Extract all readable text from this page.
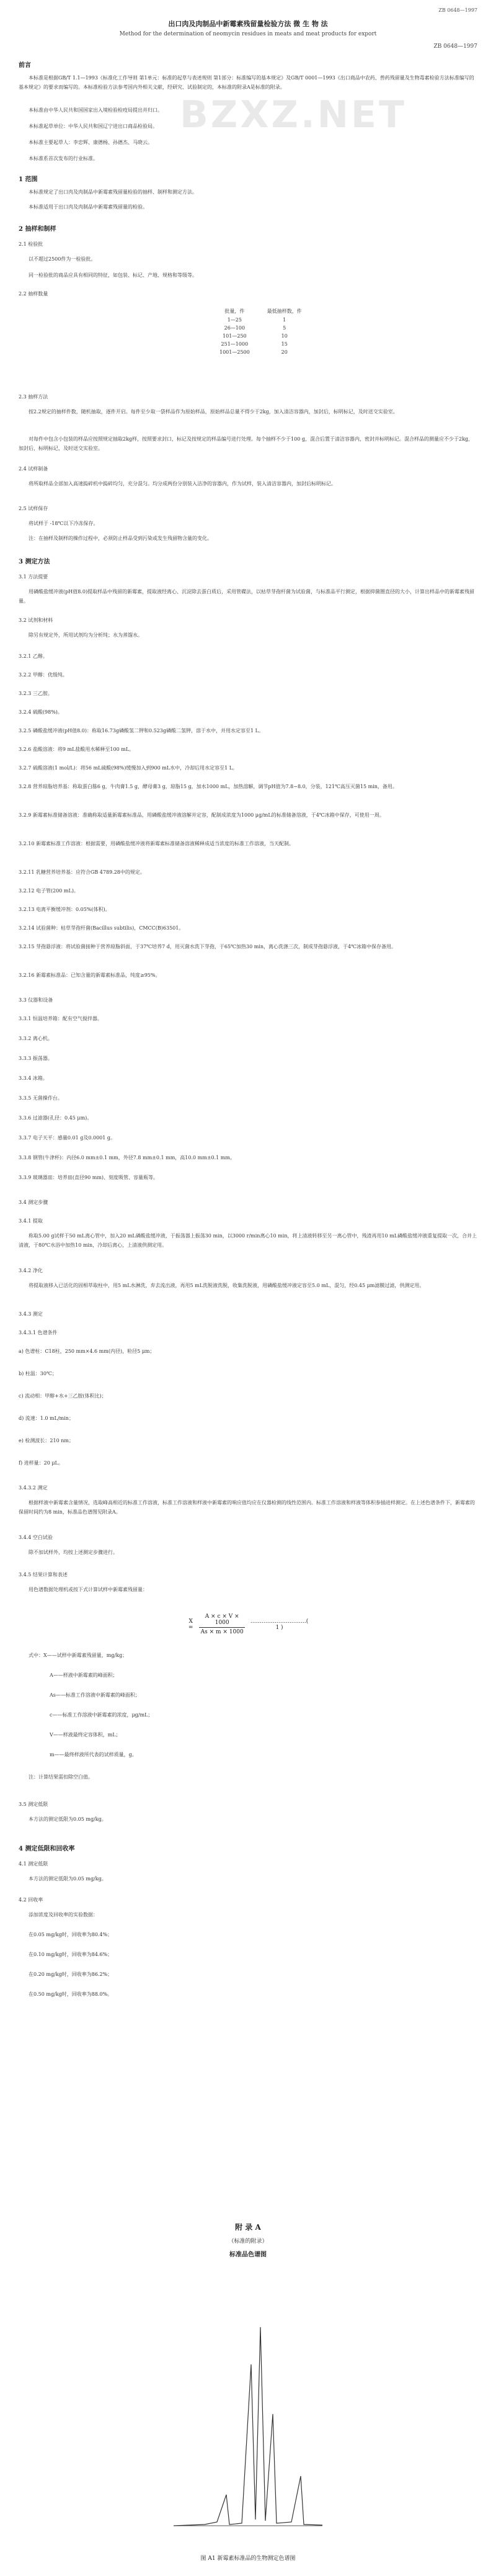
ZB 0648—1997
BZXZ.NET
出口肉及肉制品中新霉素残留量检验方法 微 生 物 法
Method for the determination of neomycin residues in meats and meat products for export
ZB 0648—1997
前言
本标准是根据GB/T 1.1—1993《标准化工作导则 第1单元：标准的起草与表述规则 第1部分：标准编写的基本规定》及GB/T 0001—1993《出口商品中农药、兽药残留量及生物毒素检验方法标准编写的基本规定》的要求而编写的。本标准检验方法参考国内外相关文献，经研究、试验制定的，本标准的附录A是标准的附录。
本标准由中华人民共和国国家出入境检验检疫局提出并归口。
本标准起草单位：中华人民共和国辽宁进出口商品检验局。
本标准主要起草人：李忠辉、康德杨、孙德杰、马晓云。
本标准系首次发布的行业标准。
1 范围
本标准规定了出口肉及肉制品中新霉素残留量检验的抽样、制样和测定方法。
本标准适用于出口肉及肉制品中新霉素残留量的检验。
2 抽样和制样
2.1 检验批
以不超过2500件为一检验批。
同一检验批的商品应具有相同的特征，如包装、标记、产地、规格和等级等。
2.2 抽样数量
批量，件	最低抽样数，件
1—25	1
26—100	5
101—250	10
251—1000	15
1001—2500	20
2.3 抽样方法
按2.2规定的抽样件数，随机抽取，逐件开启。每件至少取一袋样品作为原始样品，原始样品总量不得少于2kg，加入清洁容器内，加封后，标明标记，及时送交实验室。
对每件中包含小包装的样品应按照规定抽取2kg样，按照要求封口，标记及按规定的样品编号进行处理。每个抽样不少于100 g，混合后置于清洁容器内，密封并标明标记。混合样品的测量应不少于2kg，加封后，标明标记，及时送交实验室。
2.4 试样制备
将所取样品全部加入高速捣碎机中捣碎均匀，充分混匀。均分成两份分别装入洁净的容器内，作为试样，装入清洁容器内，加封后标明标记。
2.5 试样保存
将试样于 -18℃以下冷冻保存。
注：在抽样及制样的操作过程中，必须防止样品受到污染或发生残留物含量的变化。
3 测定方法
3.1 方法提要
用磷酸盐缓冲液(pH值8.0)提取样品中残留的新霉素，提取液经离心、沉淀除去蛋白质后，采用管碟法，以枯草芽孢杆菌为试验菌，与标准品平行测定，根据抑菌圈直径的大小，计算出样品中的新霉素残留量。
3.2 试剂和材料
除另有规定外，所用试剂均为分析纯；水为蒸馏水。
3.2.1 乙醇。
3.2.2 甲醇：优级纯。
3.2.3 三乙胺。
3.2.4 硫酸(98%)。
3.2.5 磷酸盐缓冲液(pH值8.0)：称取16.73g磷酸氢二钾和0.523g磷酸二氢钾，溶于水中，并用水定容至1 L。
3.2.6 盐酸溶液：将9 mL盐酸用水稀释至100 mL。
3.2.7 硫酸溶液(1 mol/L)：将56 mL硫酸(98%)缓慢加入到900 mL水中，冷却后用水定容至1 L。
3.2.8 营养琼脂培养基：称取蛋白胨6 g，牛肉膏1.5 g，酵母膏3 g，琼脂15 g，加水1000 mL，加热溶解，调节pH值为7.8~8.0，分装，121℃高压灭菌15 min，备用。
3.2.9 新霉素标准储备溶液：准确称取适量新霉素标准品，用磷酸盐缓冲液溶解并定容，配制成浓度为1000 μg/mL的标准储备溶液，于4℃冰箱中保存，可使用一周。
3.2.10 新霉素标准工作溶液：根据需要，用磷酸盐缓冲液将新霉素标准储备溶液稀释成适当浓度的标准工作溶液，当天配制。
3.2.11 乳糖营养培养基：应符合GB 4789.28中的规定。
3.2.12 电子管(200 mL)。
3.2.13 电离平衡缓冲剂：0.05%(体积)。
3.2.14 试验菌种：枯草芽孢杆菌(Bacillus subtilis)，CMCC(B)63501。
3.2.15 芽孢悬浮液：将试验菌接种于营养琼脂斜面，于37℃培养7 d，用灭菌水洗下芽孢，于65℃加热30 min，离心洗涤三次，制成芽孢悬浮液，于4℃冰箱中保存备用。
3.2.16 新霉素标准品：已知含量的新霉素标准品，纯度≥95%。
3.3 仪器和设备
3.3.1 恒温培养箱：配有空气搅拌器。
3.3.2 离心机。
3.3.3 振荡器。
3.3.4 冰箱。
3.3.5 无菌操作台。
3.3.6 过滤器(孔径：0.45 μm)。
3.3.7 电子天平：感量0.01 g及0.0001 g。
3.3.8 钢管(牛津杯)：内径6.0 mm±0.1 mm，外径7.8 mm±0.1 mm，高10.0 mm±0.1 mm。
3.3.9 玻璃器皿：培养皿(直径90 mm)、刻度吸管、容量瓶等。
3.4 测定步骤
3.4.1 提取
称取5.00 g试样于50 mL离心管中，加入20 mL磷酸盐缓冲液，于振荡器上振荡30 min，以3000 r/min离心10 min，将上清液转移至另一离心管中，残渣再用10 mL磷酸盐缓冲液重复提取一次，合并上清液，于80℃水浴中加热10 min，冷却后离心，上清液供测定用。
3.4.2 净化
将提取液移入已活化的固相萃取柱中，用5 mL水淋洗，弃去流出液，再用5 mL洗脱液洗脱，收集洗脱液，用磷酸盐缓冲液定容至5.0 mL，混匀，经0.45 μm滤膜过滤，供测定用。
3.4.3 测定
3.4.3.1 色谱条件
a) 色谱柱：C18柱，250 mm×4.6 mm(内径)，粒径5 μm；
b) 柱温：30℃；
c) 流动相：甲醇+水+三乙胺(体积比)；
d) 流速：1.0 mL/min；
e) 检测波长：210 nm；
f) 进样量：20 μL。
3.4.3.2 测定
根据样液中新霉素含量情况，选取峰高相近的标准工作溶液，标准工作溶液和样液中新霉素的响应值均应在仪器检测的线性范围内。标准工作溶液和样液等体积参插进样测定。在上述色谱条件下，新霉素的保留时间约为8 min，标准品色谱图见附录A。
3.4.4 空白试验
除不加试样外，均按上述测定步骤进行。
3.4.5 结果计算和表述
用色谱数据处理机或按下式计算试样中新霉素残留量：
X =
A × c × V × 1000
As × m × 1000
…………………………( 1 )
式中：X——试样中新霉素残留量，mg/kg；
A——样液中新霉素的峰面积；
As——标准工作溶液中新霉素的峰面积；
c——标准工作溶液中新霉素的浓度，μg/mL；
V——样液最终定容体积，mL；
m——最终样液所代表的试样质量，g。
注：计算结果需扣除空白值。
3.5 测定低限
本方法的测定低限为0.05 mg/kg。
4 测定低限和回收率
4.1 测定低限
本方法的测定低限为0.05 mg/kg。
4.2 回收率
添加浓度及回收率的实验数据：
在0.05 mg/kg时，回收率为80.4%；
在0.10 mg/kg时，回收率为84.6%；
在0.20 mg/kg时，回收率为86.2%；
在0.50 mg/kg时，回收率为88.0%。
附 录 A
（标准的附录）
标准品色谱图
图 A1 新霉素标准品的生物测定色谱图
